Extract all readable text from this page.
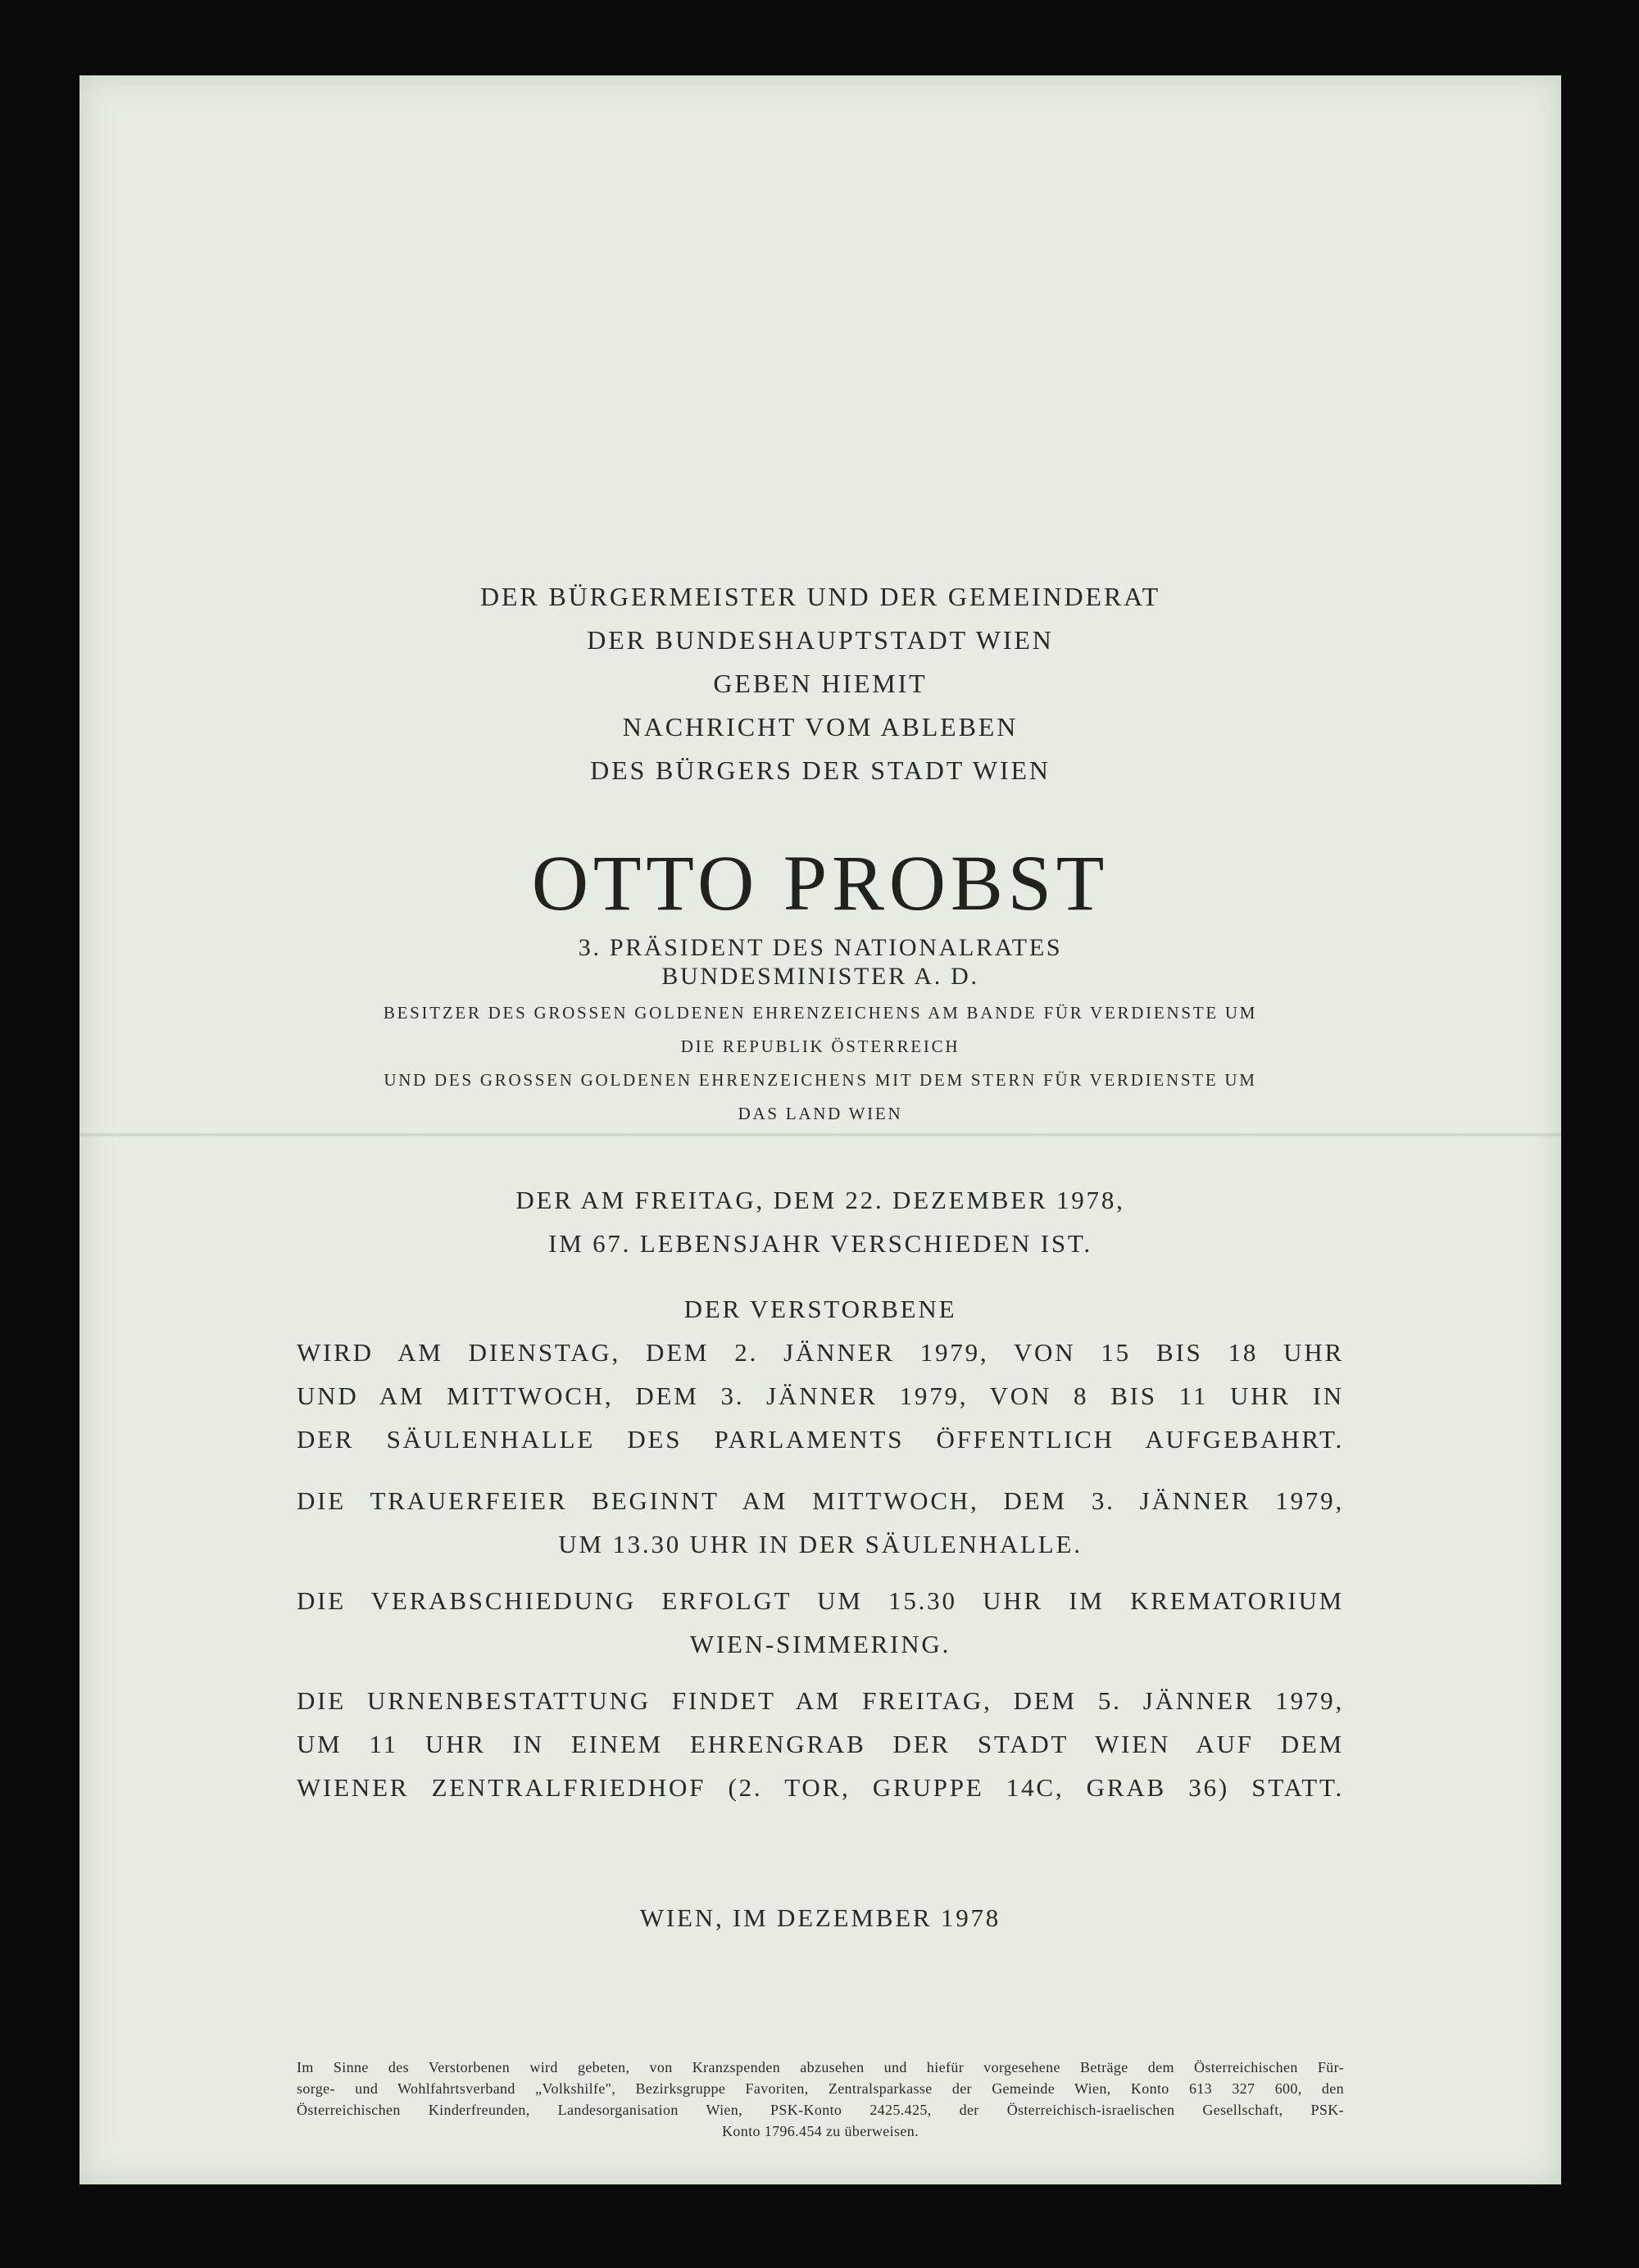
DER BÜRGERMEISTER UND DER GEMEINDERAT
DER BUNDESHAUPTSTADT WIEN
GEBEN HIEMIT
NACHRICHT VOM ABLEBEN
DES BÜRGERS DER STADT WIEN
OTTO PROBST
3. PRÄSIDENT DES NATIONALRATES
BUNDESMINISTER A. D.
BESITZER DES GROSSEN GOLDENEN EHRENZEICHENS AM BANDE FÜR VERDIENSTE UM
DIE REPUBLIK ÖSTERREICH
UND DES GROSSEN GOLDENEN EHRENZEICHENS MIT DEM STERN FÜR VERDIENSTE UM
DAS LAND WIEN
DER AM FREITAG, DEM 22. DEZEMBER 1978,
IM 67. LEBENSJAHR VERSCHIEDEN IST.
DER VERSTORBENE
WIRD AM DIENSTAG, DEM 2. JÄNNER 1979, VON 15 BIS 18 UHR
UND AM MITTWOCH, DEM 3. JÄNNER 1979, VON 8 BIS 11 UHR IN
DER SÄULENHALLE DES PARLAMENTS ÖFFENTLICH AUFGEBAHRT.
DIE TRAUERFEIER BEGINNT AM MITTWOCH, DEM 3. JÄNNER 1979,
UM 13.30 UHR IN DER SÄULENHALLE.
DIE VERABSCHIEDUNG ERFOLGT UM 15.30 UHR IM KREMATORIUM
WIEN-SIMMERING.
DIE URNENBESTATTUNG FINDET AM FREITAG, DEM 5. JÄNNER 1979,
UM 11 UHR IN EINEM EHRENGRAB DER STADT WIEN AUF DEM
WIENER ZENTRALFRIEDHOF (2. TOR, GRUPPE 14C, GRAB 36) STATT.
WIEN, IM DEZEMBER 1978
Im Sinne des Verstorbenen wird gebeten, von Kranzspenden abzusehen und hiefür vorgesehene Beträge dem Österreichischen Für-
sorge- und Wohlfahrtsverband „Volkshilfe", Bezirksgruppe Favoriten, Zentralsparkasse der Gemeinde Wien, Konto 613 327 600, den
Österreichischen Kinderfreunden, Landesorganisation Wien, PSK-Konto 2425.425, der Österreichisch-israelischen Gesellschaft, PSK-
Konto 1796.454 zu überweisen.
